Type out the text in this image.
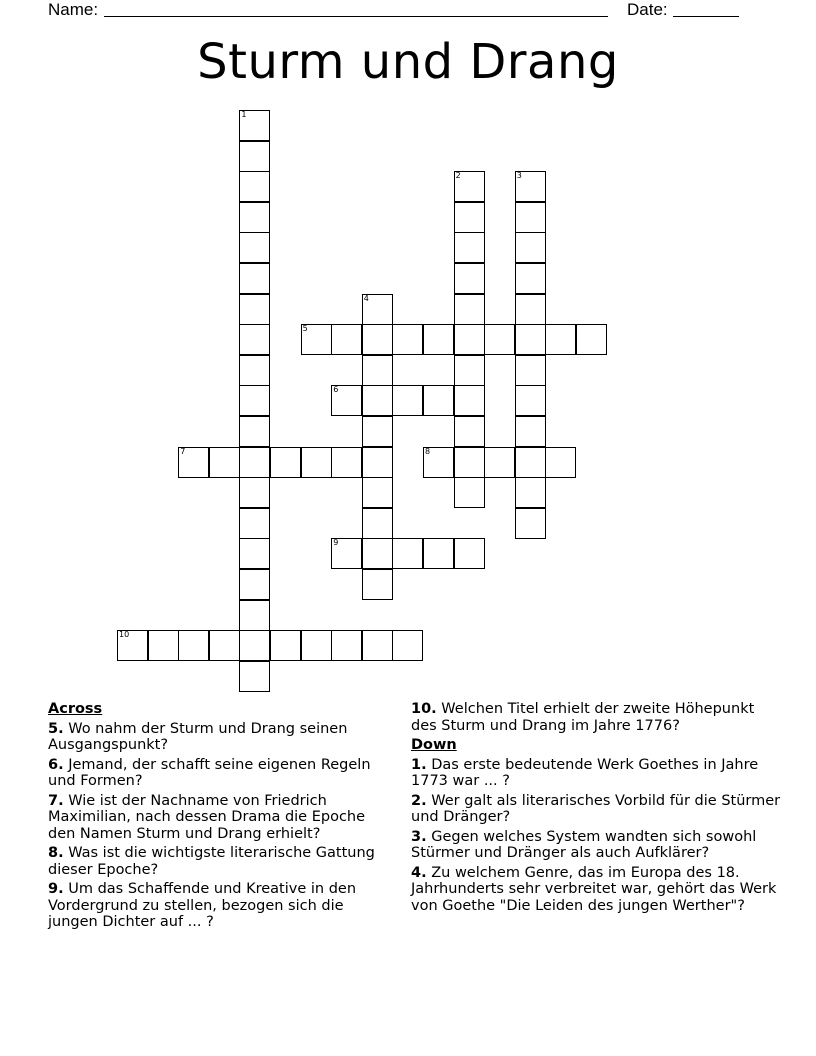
Name:	Date:
Sturm und Drang
1
2	3
4
5
6
7	8
9
10
Across
5. Wo nahm der Sturm und Drang seinen Ausgangspunkt?
6. Jemand, der schafft seine eigenen Regeln und Formen?
7. Wie ist der Nachname von Friedrich Maximilian, nach dessen Drama die Epoche den Namen Sturm und Drang erhielt?
8. Was ist die wichtigste literarische Gattung dieser Epoche?
9. Um das Schaffende und Kreative in den Vordergrund zu stellen, bezogen sich die jungen Dichter auf ... ?
10. Welchen Titel erhielt der zweite Höhepunkt des Sturm und Drang im Jahre 1776?
Down
1. Das erste bedeutende Werk Goethes in Jahre 1773 war ... ?
2. Wer galt als literarisches Vorbild für die Stürmer und Dränger?
3. Gegen welches System wandten sich sowohl Stürmer und Dränger als auch Aufklärer?
4. Zu welchem Genre, das im Europa des 18. Jahrhunderts sehr verbreitet war, gehört das Werk von Goethe "Die Leiden des jungen Werther"?
